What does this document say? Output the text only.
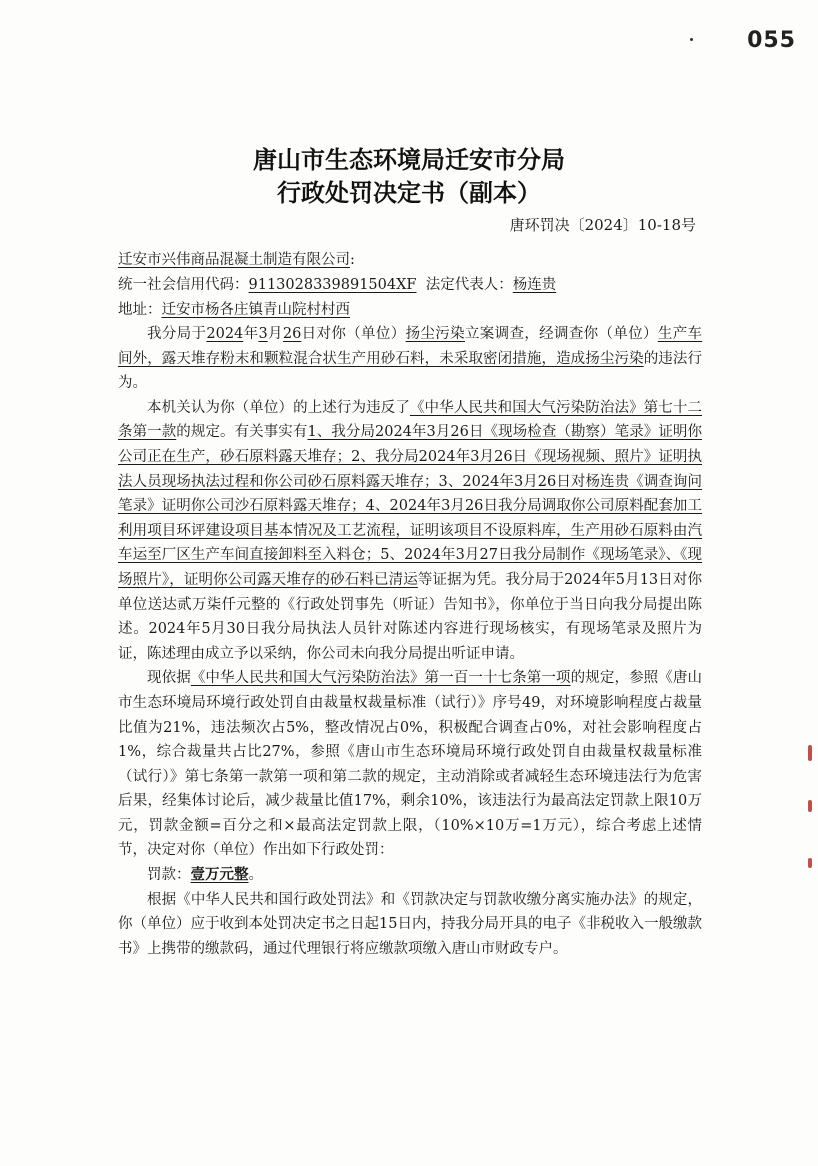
055
唐山市生态环境局迁安市分局
行政处罚决定书（副本）
唐环罚决〔2024〕10-18号
迁安市兴伟商品混凝土制造有限公司:
统一社会信用代码：9113028339891504XF 法定代表人：杨连贵
地址：迁安市杨各庄镇青山院村村西

我分局于2024年3月26日对你（单位）扬尘污染立案调查，经调查你（单位）生产车间外，露天堆存粉末和颗粒混合状生产用砂石料，未采取密闭措施，造成扬尘污染的违法行为。

本机关认为你（单位）的上述行为违反了《中华人民共和国大气污染防治法》第七十二条第一款的规定。有关事实有1、我分局2024年3月26日《现场检查（勘察）笔录》证明你公司正在生产，砂石原料露天堆存；2、我分局2024年3月26日《现场视频、照片》证明执法人员现场执法过程和你公司砂石原料露天堆存；3、2024年3月26日对杨连贵《调查询问笔录》证明你公司沙石原料露天堆存；4、2024年3月26日我分局调取你公司原料配套加工利用项目环评建设项目基本情况及工艺流程，证明该项目不设原料库，生产用砂石原料由汽车运至厂区生产车间直接卸料至入料仓；5、2024年3月27日我分局制作《现场笔录》、《现场照片》，证明你公司露天堆存的砂石料已清运等证据为凭。我分局于2024年5月13日对你单位送达贰万柒仟元整的《行政处罚事先（听证）告知书》，你单位于当日向我分局提出陈述。2024年5月30日我分局执法人员针对陈述内容进行现场核实，有现场笔录及照片为证，陈述理由成立予以采纳，你公司未向我分局提出听证申请。

现依据《中华人民共和国大气污染防治法》第一百一十七条第一项的规定，参照《唐山市生态环境局环境行政处罚自由裁量权裁量标准（试行）》序号49，对环境影响程度占裁量比值为21%，违法频次占5%，整改情况占0%，积极配合调查占0%，对社会影响程度占1%，综合裁量共占比27%，参照《唐山市生态环境局环境行政处罚自由裁量权裁量标准（试行）》第七条第一款第一项和第二款的规定，主动消除或者减轻生态环境违法行为危害后果，经集体讨论后，减少裁量比值17%，剩余10%，该违法行为最高法定罚款上限10万元，罚款金额=百分之和×最高法定罚款上限，（10%×10万=1万元），综合考虑上述情节，决定对你（单位）作出如下行政处罚：

罚款：壹万元整。

根据《中华人民共和国行政处罚法》和《罚款决定与罚款收缴分离实施办法》的规定，你（单位）应于收到本处罚决定书之日起15日内，持我分局开具的电子《非税收入一般缴款书》上携带的缴款码，通过代理银行将应缴款项缴入唐山市财政专户。
